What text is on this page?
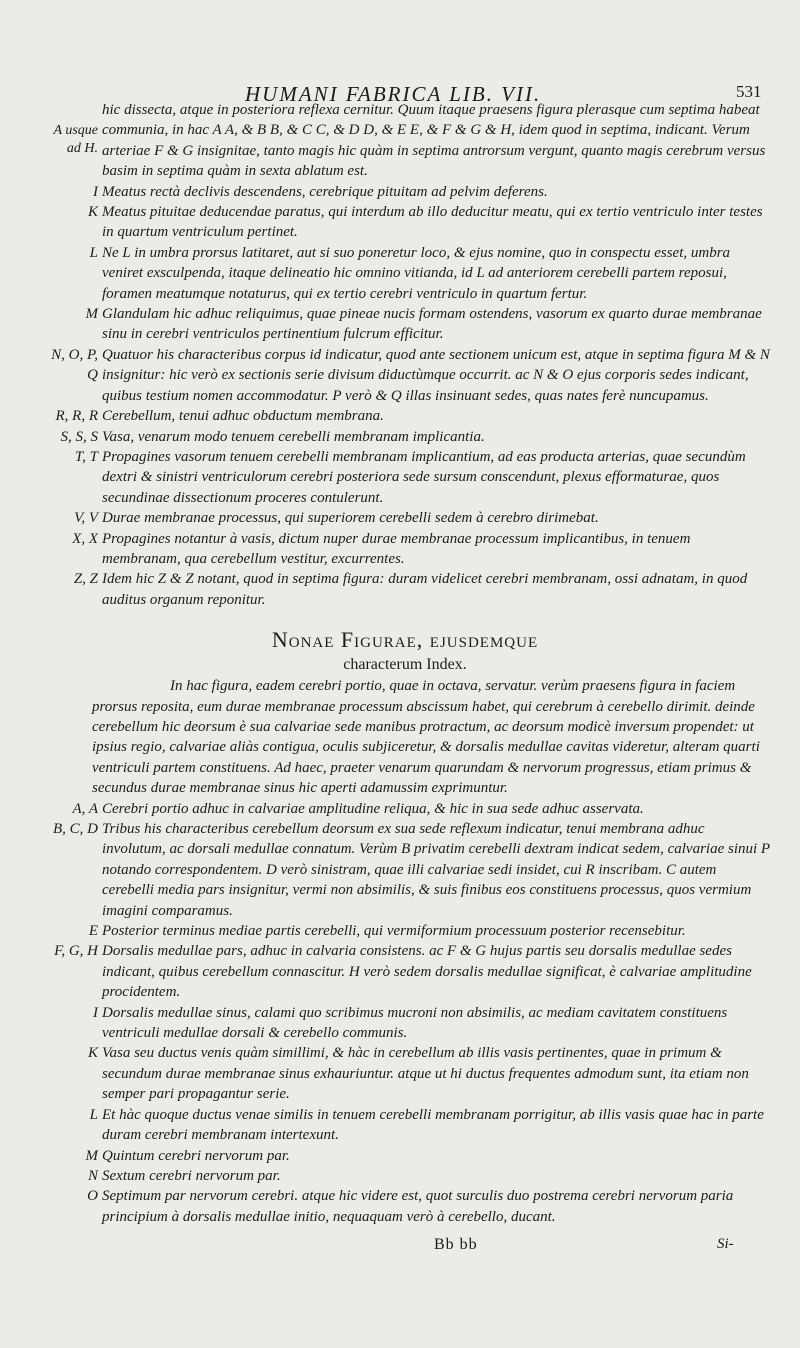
HUMANI FABRICA LIB. VII.	531

hic dissecta, atque in posteriora reflexa cernitur. Quum itaque praesens figura plerasque cum septima habeat communia, in hac A A, & B B, & C C, & D D, & E E, & F & G & H, idem quod in septima, indicant. Verum arteriae F & G insignitae, tanto magis hic quàm in septima antrorsum vergunt, quanto magis cerebrum versus basim in septima quàm in sexta ablatum est.

A usque ad H.

I Meatus rectà declivis descendens, cerebrique pituitam ad pelvim deferens.

K Meatus pituitae deducendae paratus, qui interdum ab illo deducitur meatu, qui ex tertio ventriculo inter testes in quartum ventriculum pertinet.

L Ne L in umbra prorsus latitaret, aut si suo poneretur loco, & ejus nomine, quo in conspectu esset, umbra veniret exsculpenda, itaque delineatio hic omnino vitianda, id L ad anteriorem cerebelli partem reposui, foramen meatumque notaturus, qui ex tertio cerebri ventriculo in quartum fertur.

M Glandulam hic adhuc reliquimus, quae pineae nucis formam ostendens, vasorum ex quarto durae membranae sinu in cerebri ventriculos pertinentium fulcrum efficitur.

N, O, P, Q
Quatuor his characteribus corpus id indicatur, quod ante sectionem unicum est, atque in septima figura M & N insignitur: hic verò ex sectionis serie divisum diductùmque occurrit. ac N & O ejus corporis sedes indicant, quibus testium nomen accommodatur. P verò & Q illas insinuant sedes, quas nates ferè nuncupamus.

R, R, R Cerebellum, tenui adhuc obductum membrana.

S, S, S Vasa, venarum modo tenuem cerebelli membranam implicantia.

T, T Propagines vasorum tenuem cerebelli membranam implicantium, ad eas producta arterias, quae secundùm dextri & sinistri ventriculorum cerebri posteriora sede sursum conscendunt, plexus efformaturae, quos secundinae dissectionum proceres contulerunt.

V, V Durae membranae processus, qui superiorem cerebelli sedem à cerebro dirimebat.

X, X Propagines notantur à vasis, dictum nuper durae membranae processum implicantibus, in tenuem membranam, qua cerebellum vestitur, excurrentes.

Z, Z Idem hic Z & Z notant, quod in septima figura: duram videlicet cerebri membranam, ossi adnatam, in quod auditus organum reponitur.

Nonae Figurae, ejusdemque
characterum Index.

In hac figura, eadem cerebri portio, quae in octava, servatur. verùm praesens figura in faciem prorsus reposita, eum durae membranae processum abscissum habet, qui cerebrum à cerebello dirimit. deinde cerebellum hic deorsum è sua calvariae sede manibus protractum, ac deorsum modicè inversum propendet: ut ipsius regio, calvariae aliàs contigua, oculis subjiceretur, & dorsalis medullae cavitas videretur, alteram quarti ventriculi partem constituens. Ad haec, praeter venarum quarundam & nervorum progressus, etiam primus & secundus durae membranae sinus hic aperti adamussim exprimuntur.

A, A Cerebri portio adhuc in calvariae amplitudine reliqua, & hic in sua sede adhuc asservata.

B, C, D Tribus his characteribus cerebellum deorsum ex sua sede reflexum indicatur, tenui membrana adhuc involutum, ac dorsali medullae connatum. Verùm B privatim cerebelli dextram indicat sedem, calvariae sinui P notando correspondentem. D verò sinistram, quae illi calvariae sedi insidet, cui R inscribam. C autem cerebelli media pars insignitur, vermi non absimilis, & suis finibus eos constituens processus, quos vermium imagini comparamus.

E Posterior terminus mediae partis cerebelli, qui vermiformium processuum posterior recensebitur.

F, G, H Dorsalis medullae pars, adhuc in calvaria consistens. ac F & G hujus partis seu dorsalis medullae sedes indicant, quibus cerebellum connascitur. H verò sedem dorsalis medullae significat, è calvariae amplitudine procidentem.

I Dorsalis medullae sinus, calami quo scribimus mucroni non absimilis, ac mediam cavitatem constituens ventriculi medullae dorsali & cerebello communis.

K Vasa seu ductus venis quàm simillimi, & hàc in cerebellum ab illis vasis pertinentes, quae in primum & secundum durae membranae sinus exhauriuntur. atque ut hi ductus frequentes admodum sunt, ita etiam non semper pari propagantur serie.

L Et hàc quoque ductus venae similis in tenuem cerebelli membranam porrigitur, ab illis vasis quae hac in parte duram cerebri membranam intertexunt.

M Quintum cerebri nervorum par.

N Sextum cerebri nervorum par.

O Septimum par nervorum cerebri. atque hic videre est, quot surculis duo postrema cerebri nervorum paria principium à dorsalis medullae initio, nequaquam verò à cerebello, ducant.

Bb bb	Si-
